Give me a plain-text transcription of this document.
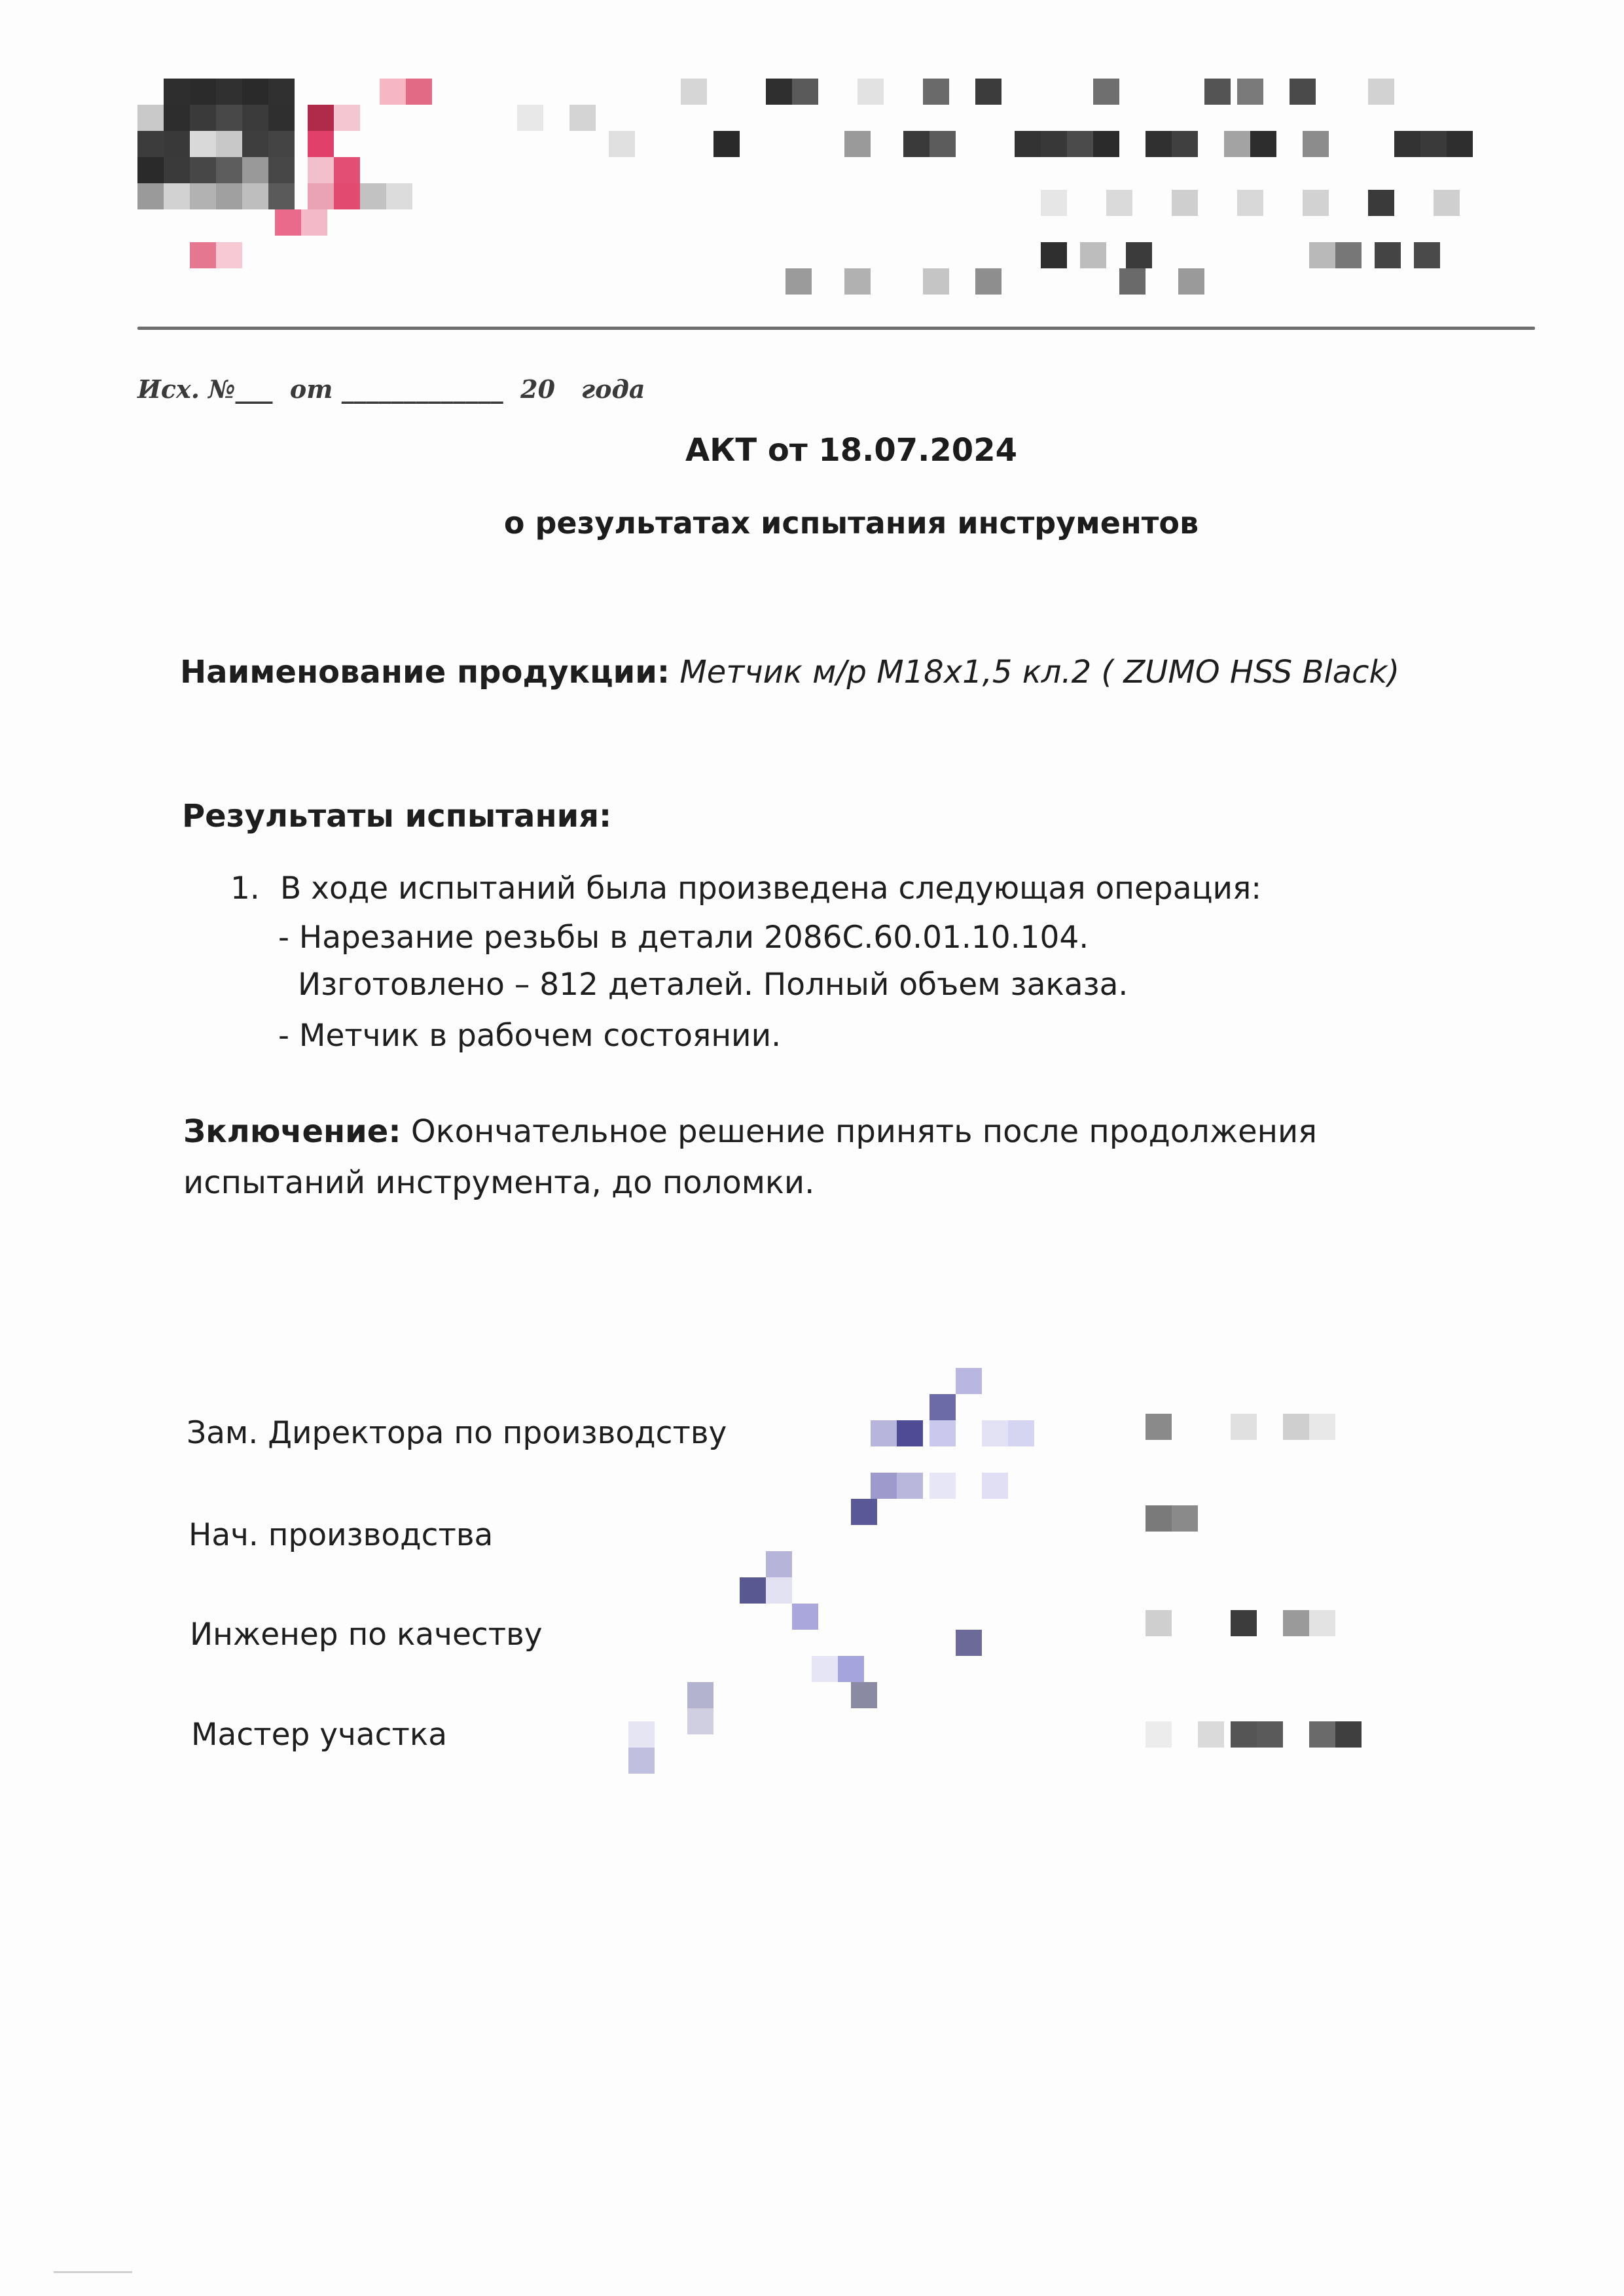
Исх. №___  от _____________  20   года
АКТ от 18.07.2024
о результатах испытания инструментов
Наименование продукции: Метчик м/р М18х1,5 кл.2 ( ZUMO HSS Black)
Результаты испытания:
1. В ходе испытаний была произведена следующая операция:
- Нарезание резьбы в детали 2086С.60.01.10.104.
Изготовлено – 812 деталей. Полный объем заказа.
- Метчик в рабочем состоянии.
Зключение: Окончательное решение принять после продолжения испытаний инструмента, до поломки.
Зам. Директора по производству
Нач. производства
Инженер по качеству
Мастер участка
